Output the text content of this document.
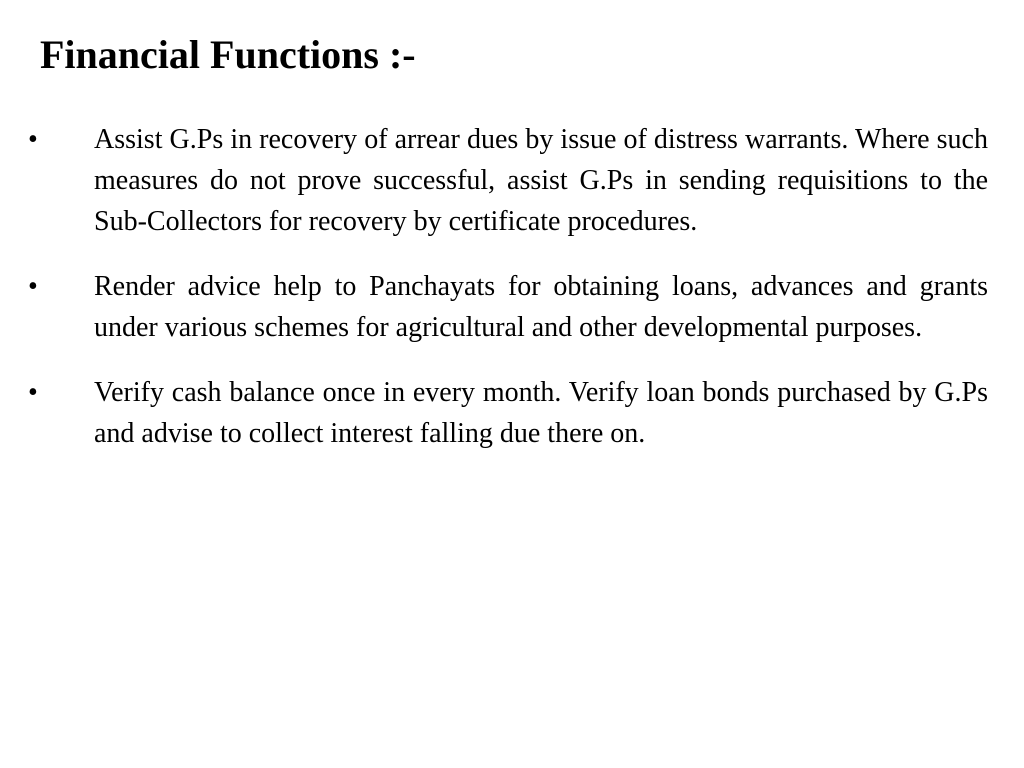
Financial Functions :-
• Assist G.Ps in recovery of arrear dues by issue of distress warrants. Where such measures do not prove successful, assist G.Ps in sending requisitions to the Sub-Collectors for recovery by certificate procedures.
• Render advice help to Panchayats for obtaining loans, advances and grants under various schemes for agricultural and other developmental purposes.
• Verify cash balance once in every month. Verify loan bonds purchased by G.Ps and advise to collect interest falling due there on.
